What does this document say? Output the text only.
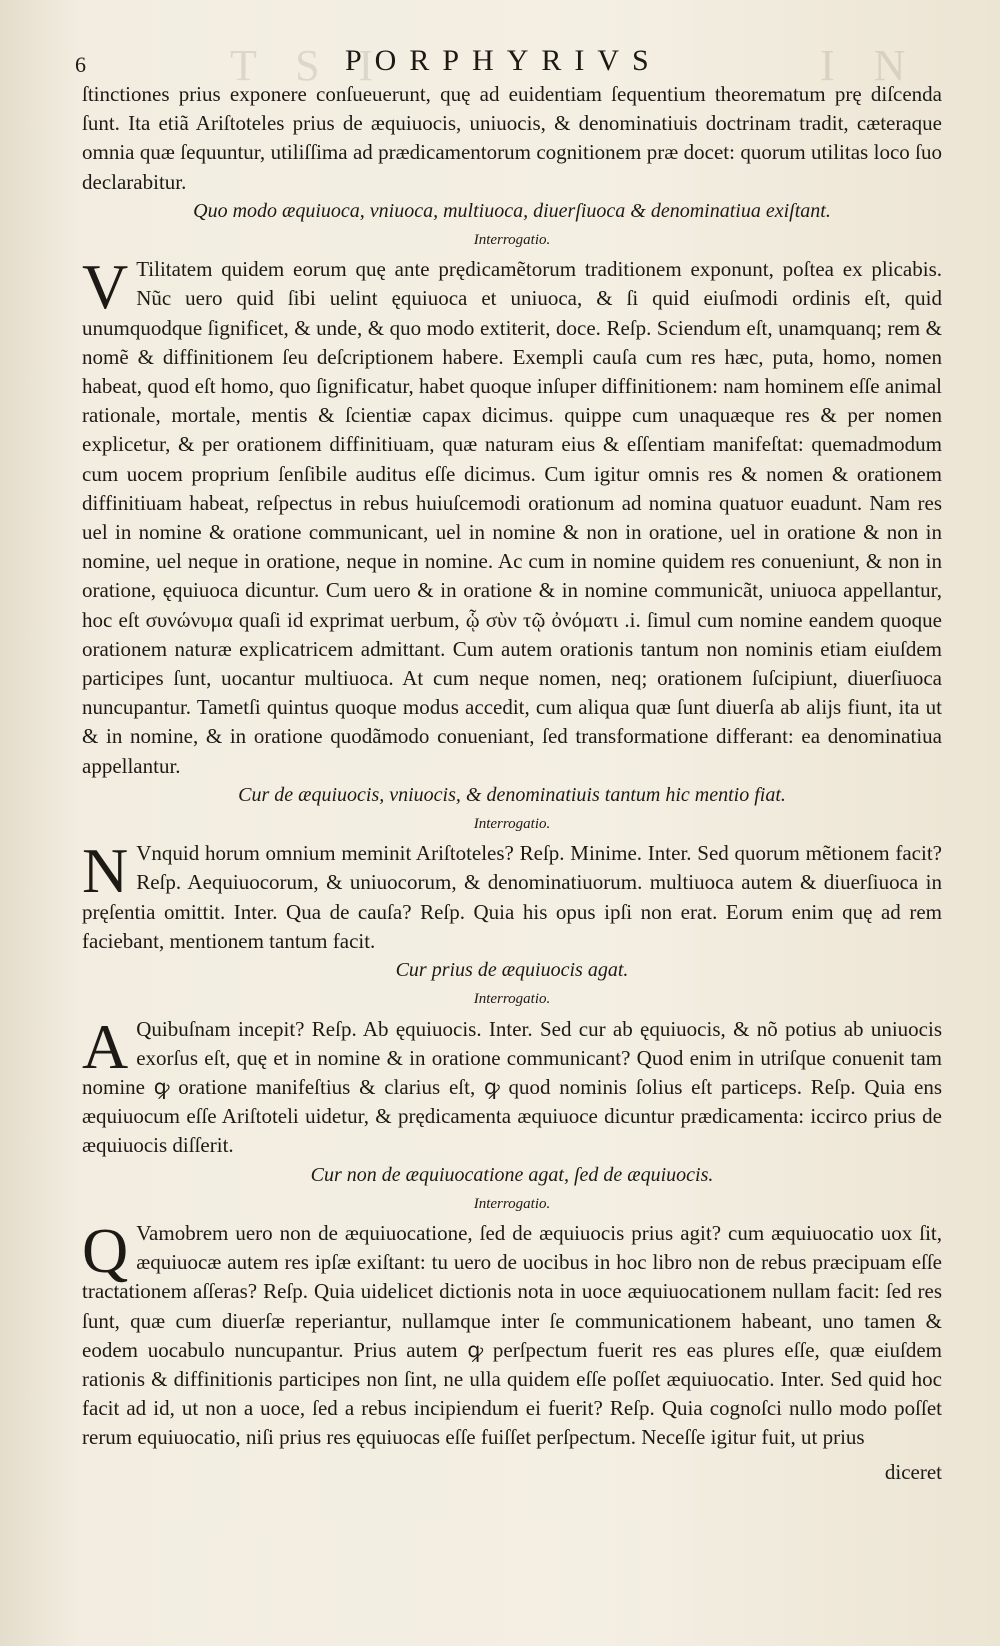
T S I	I N
6	PORPHYRIVS

ſtinctiones prius exponere conſueuerunt, quę ad euidentiam ſequentium theorematum prę diſcenda ſunt. Ita etiã Ariſtoteles prius de æquiuocis, uniuocis, & denominatiuis doctrinam tradit, cæteraque omnia quæ ſequuntur, utiliſſima ad prædicamentorum cognitionem præ docet: quorum utilitas loco ſuo declarabitur.

Quo modo æquiuoca, vniuoca, multiuoca, diuerſiuoca & denominatiua exiſtant.

Interrogatio.

V Tilitatem quidem eorum quę ante prędicamẽtorum traditionem exponunt, poſtea ex plicabis. Nũc uero quid ſibi uelint ęquiuoca et uniuoca, & ſi quid eiuſmodi ordinis eſt, quid unumquodque ſignificet, & unde, & quo modo extiterit, doce. Reſp. Sciendum eſt, unamquanq; rem & nomẽ & diffinitionem ſeu deſcriptionem habere. Exempli cauſa cum res hæc, puta, homo, nomen habeat, quod eſt homo, quo ſignificatur, habet quoque inſuper diffinitionem: nam hominem eſſe animal rationale, mortale, mentis & ſcientiæ capax dicimus. quippe cum unaquæque res & per nomen explicetur, & per orationem diffinitiuam, quæ naturam eius & eſſentiam manifeſtat: quemadmodum cum uocem proprium ſenſibile auditus eſſe dicimus. Cum igitur omnis res & nomen & orationem diffinitiuam habeat, reſpectus in rebus huiuſcemodi orationum ad nomina quatuor euadunt. Nam res uel in nomine & oratione communicant, uel in nomine & non in oratione, uel in oratione & non in nomine, uel neque in oratione, neque in nomine. Ac cum in nomine quidem res conueniunt, & non in oratione, ęquiuoca dicuntur. Cum uero & in oratione & in nomine communicãt, uniuoca appellantur, hoc eſt συνώνυμα quaſi id exprimat uerbum, ᾧ σὺν τῷ ὀνόματι .i. ſimul cum nomine eandem quoque orationem naturæ explicatricem admittant. Cum autem orationis tantum non nominis etiam eiuſdem participes ſunt, uocantur multiuoca. At cum neque nomen, neq; orationem ſuſcipiunt, diuerſiuoca nuncupantur. Tametſi quintus quoque modus accedit, cum aliqua quæ ſunt diuerſa ab alijs fiunt, ita ut & in nomine, & in oratione quodãmodo conueniant, ſed transformatione differant: ea denominatiua appellantur.

Cur de æquiuocis, vniuocis, & denominatiuis tantum hic mentio fiat.

Interrogatio.

N Vnquid horum omnium meminit Ariſtoteles? Reſp. Minime. Inter. Sed quorum mẽtionem facit? Reſp. Aequiuocorum, & uniuocorum, & denominatiuorum. multiuoca autem & diuerſiuoca in pręſentia omittit. Inter. Qua de cauſa? Reſp. Quia his opus ipſi non erat. Eorum enim quę ad rem faciebant, mentionem tantum facit.

Cur prius de æquiuocis agat.

Interrogatio.

A Quibuſnam incepit? Reſp. Ab ęquiuocis. Inter. Sed cur ab ęquiuocis, & nõ potius ab uniuocis exorſus eſt, quę et in nomine & in oratione communicant? Quod enim in utriſque conuenit tam nomine ꝙ oratione manifeſtius & clarius eſt, ꝙ quod nominis ſolius eſt particeps. Reſp. Quia ens æquiuocum eſſe Ariſtoteli uidetur, & prędicamenta æquiuoce dicuntur prædicamenta: iccirco prius de æquiuocis diſſerit.

Cur non de æquiuocatione agat, ſed de æquiuocis.

Interrogatio.

Q Vamobrem uero non de æquiuocatione, ſed de æquiuocis prius agit? cum æquiuocatio uox ſit, æquiuocæ autem res ipſæ exiſtant: tu uero de uocibus in hoc libro non de rebus præcipuam eſſe tractationem aſſeras? Reſp. Quia uidelicet dictionis nota in uoce æquiuocationem nullam facit: ſed res ſunt, quæ cum diuerſæ reperiantur, nullamque inter ſe communicationem habeant, uno tamen & eodem uocabulo nuncupantur. Prius autem ꝙ perſpectum fuerit res eas plures eſſe, quæ eiuſdem rationis & diffinitionis participes non ſint, ne ulla quidem eſſe poſſet æquiuocatio. Inter. Sed quid hoc facit ad id, ut non a uoce, ſed a rebus incipiendum ei fuerit? Reſp. Quia cognoſci nullo modo poſſet rerum equiuocatio, niſi prius res ęquiuocas eſſe fuiſſet perſpectum. Neceſſe igitur fuit, ut prius

diceret
